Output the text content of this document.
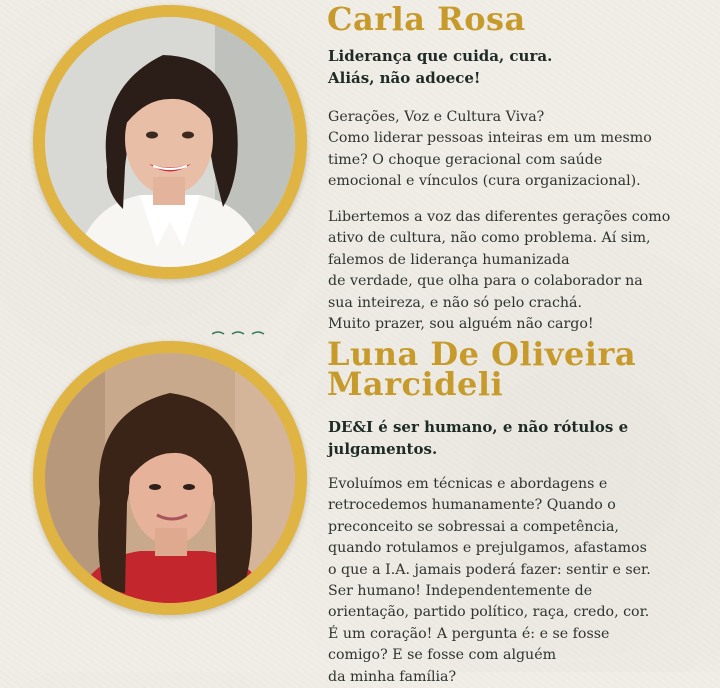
Carla Rosa

Liderança que cuida, cura.
Aliás, não adoece!

Gerações, Voz e Cultura Viva?
Como liderar pessoas inteiras em um mesmo
time? O choque geracional com saúde
emocional e vínculos (cura organizacional).

Libertemos a voz das diferentes gerações como
ativo de cultura, não como problema. Aí sim,
falemos de liderança humanizada
de verdade, que olha para o colaborador na
sua inteireza, e não só pelo crachá.
Muito prazer, sou alguém não cargo!

Luna De Oliveira
Marcideli

DE&I é ser humano, e não rótulos e
julgamentos.

Evoluímos em técnicas e abordagens e
retrocedemos humanamente? Quando o
preconceito se sobressai a competência,
quando rotulamos e prejulgamos, afastamos
o que a I.A. jamais poderá fazer: sentir e ser.
Ser humano! Independentemente de
orientação, partido político, raça, credo, cor.
É um coração! A pergunta é: e se fosse
comigo? E se fosse com alguém
da minha família?
